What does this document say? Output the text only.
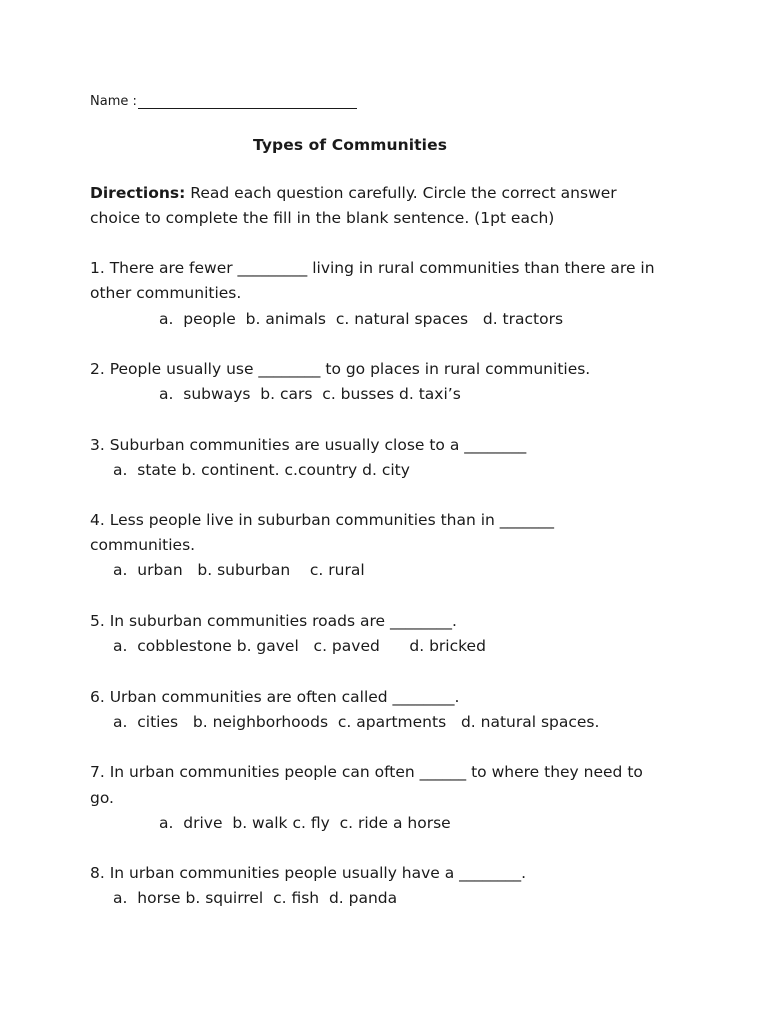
Name :
Types of Communities
Directions: Read each question carefully. Circle the correct answer
choice to complete the fill in the blank sentence. (1pt each)
1. There are fewer _________ living in rural communities than there are in
other communities.
a.  people  b. animals  c. natural spaces   d. tractors
2. People usually use ________ to go places in rural communities.
a.  subways  b. cars  c. busses d. taxi’s
3. Suburban communities are usually close to a ________
a.  state b. continent. c.country d. city
4. Less people live in suburban communities than in _______
communities.
a.  urban   b. suburban    c. rural
5. In suburban communities roads are ________.
a.  cobblestone b. gavel   c. paved      d. bricked
6. Urban communities are often called ________.
a.  cities   b. neighborhoods  c. apartments   d. natural spaces.
7. In urban communities people can often ______ to where they need to
go.
a.  drive  b. walk c. fly  c. ride a horse
8. In urban communities people usually have a ________.
a.  horse b. squirrel  c. fish  d. panda
